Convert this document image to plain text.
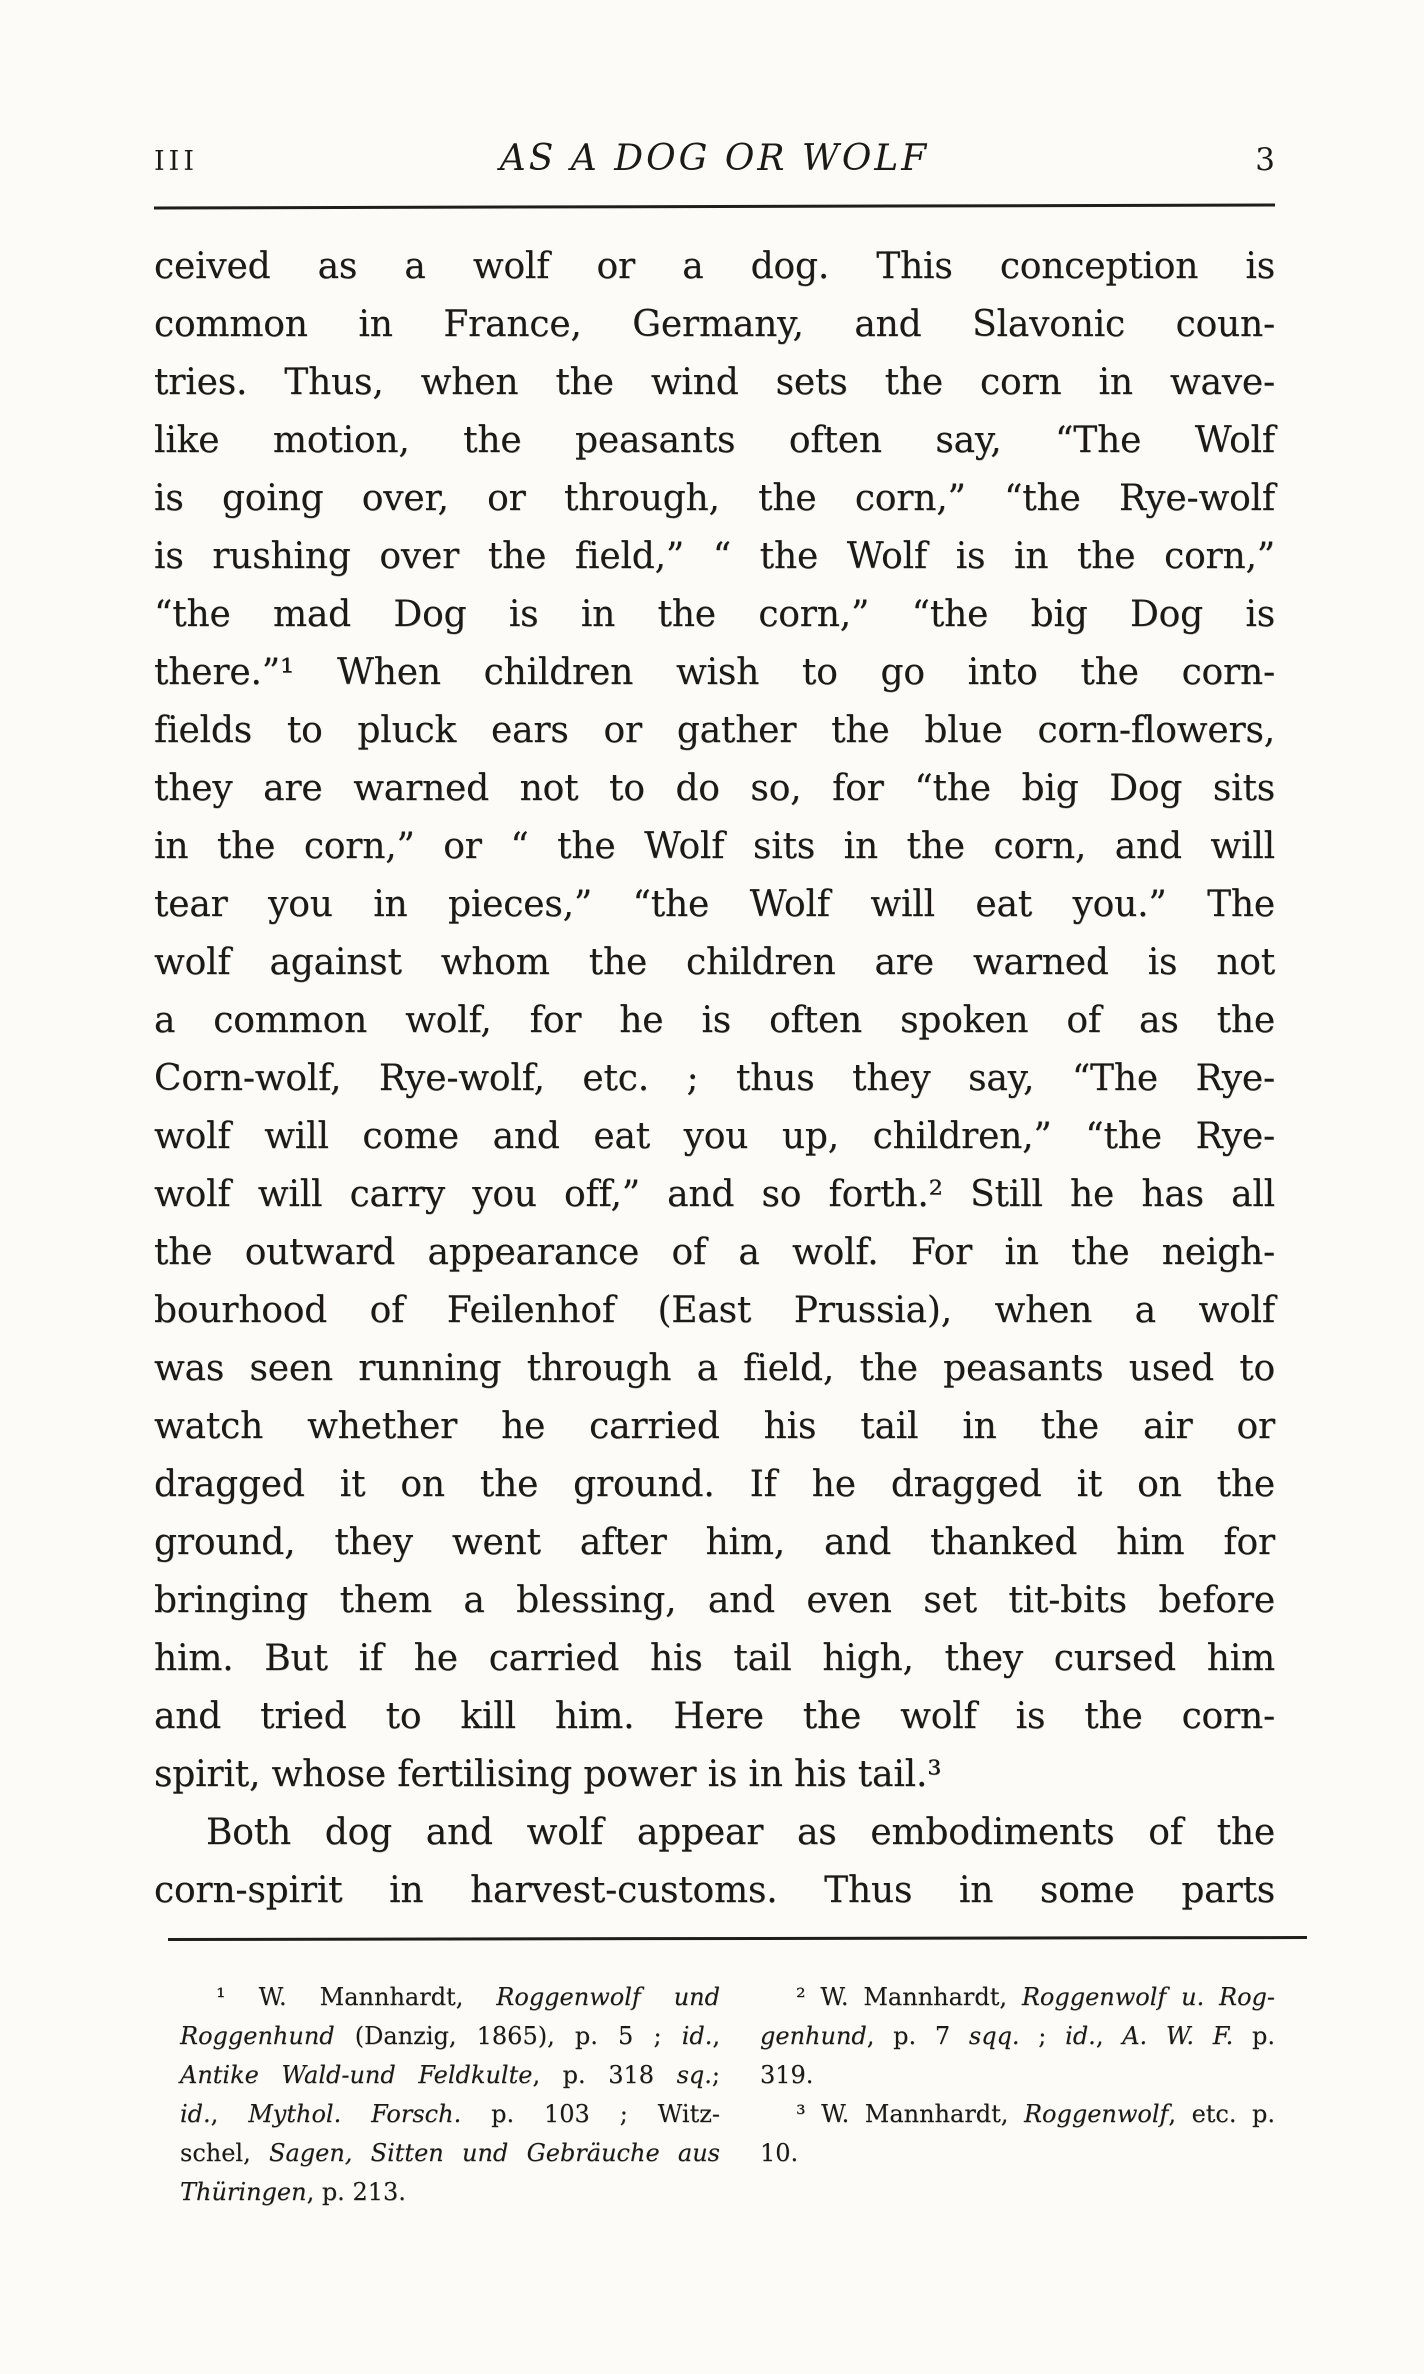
III	AS A DOG OR WOLF	3
ceived as a wolf or a dog. This conception is
common in France, Germany, and Slavonic coun-
tries. Thus, when the wind sets the corn in wave-
like motion, the peasants often say, “The Wolf
is going over, or through, the corn,” “the Rye-wolf
is rushing over the field,” “ the Wolf is in the corn,”
“the mad Dog is in the corn,” “the big Dog is
there.”¹ When children wish to go into the corn-
fields to pluck ears or gather the blue corn-flowers,
they are warned not to do so, for “the big Dog sits
in the corn,” or “ the Wolf sits in the corn, and will
tear you in pieces,” “the Wolf will eat you.” The
wolf against whom the children are warned is not
a common wolf, for he is often spoken of as the
Corn-wolf, Rye-wolf, etc. ; thus they say, “The Rye-
wolf will come and eat you up, children,” “the Rye-
wolf will carry you off,” and so forth.² Still he has all
the outward appearance of a wolf. For in the neigh-
bourhood of Feilenhof (East Prussia), when a wolf
was seen running through a field, the peasants used to
watch whether he carried his tail in the air or
dragged it on the ground. If he dragged it on the
ground, they went after him, and thanked him for
bringing them a blessing, and even set tit-bits before
him. But if he carried his tail high, they cursed him
and tried to kill him. Here the wolf is the corn-
spirit, whose fertilising power is in his tail.³
Both dog and wolf appear as embodiments of the
corn-spirit in harvest-customs. Thus in some parts
¹ W. Mannhardt, Roggenwolf und
Roggenhund (Danzig, 1865), p. 5 ; id.,
Antike Wald-und Feldkulte, p. 318 sq.;
id., Mythol. Forsch. p. 103 ; Witz-
schel, Sagen, Sitten und Gebräuche aus
Thüringen, p. 213.
² W. Mannhardt, Roggenwolf u. Rog-
genhund, p. 7 sqq. ; id., A. W. F. p.
319.
³ W. Mannhardt, Roggenwolf, etc. p.
10.
